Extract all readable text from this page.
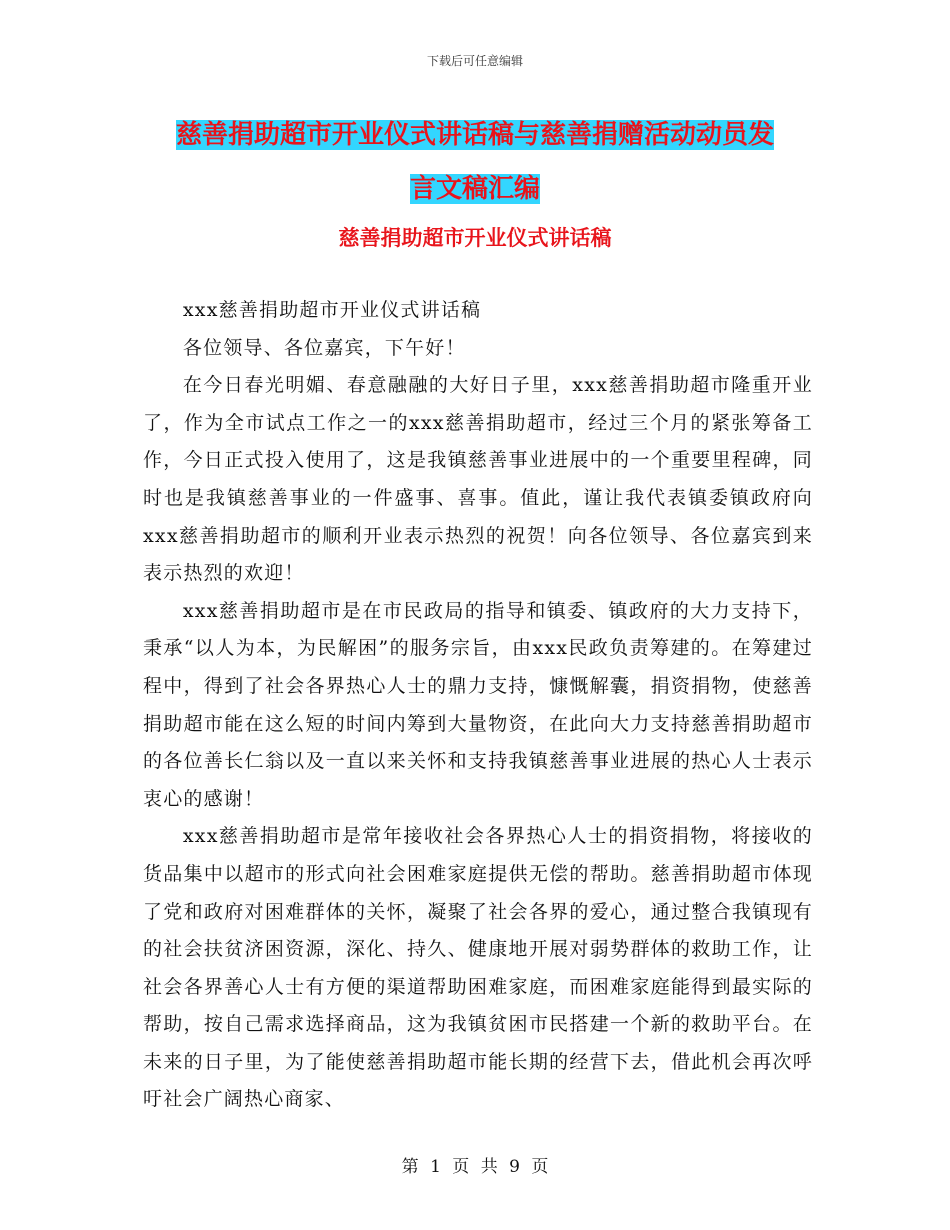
下载后可任意编辑
慈善捐助超市开业仪式讲话稿与慈善捐赠活动动员发
言文稿汇编
慈善捐助超市开业仪式讲话稿

xxx慈善捐助超市开业仪式讲话稿

各位领导、各位嘉宾，下午好！

在今日春光明媚、春意融融的大好日子里，xxx慈善捐助超市隆重开业了，作为全市试点工作之一的xxx慈善捐助超市，经过三个月的紧张筹备工作，今日正式投入使用了，这是我镇慈善事业进展中的一个重要里程碑，同时也是我镇慈善事业的一件盛事、喜事。值此，谨让我代表镇委镇政府向xxx慈善捐助超市的顺利开业表示热烈的祝贺！向各位领导、各位嘉宾到来表示热烈的欢迎！

xxx慈善捐助超市是在市民政局的指导和镇委、镇政府的大力支持下，秉承“以人为本，为民解困”的服务宗旨，由xxx民政负责筹建的。在筹建过程中，得到了社会各界热心人士的鼎力支持，慷慨解囊，捐资捐物，使慈善捐助超市能在这么短的时间内筹到大量物资，在此向大力支持慈善捐助超市的各位善长仁翁以及一直以来关怀和支持我镇慈善事业进展的热心人士表示衷心的感谢！

xxx慈善捐助超市是常年接收社会各界热心人士的捐资捐物，将接收的货品集中以超市的形式向社会困难家庭提供无偿的帮助。慈善捐助超市体现了党和政府对困难群体的关怀，凝聚了社会各界的爱心，通过整合我镇现有的社会扶贫济困资源，深化、持久、健康地开展对弱势群体的救助工作，让社会各界善心人士有方便的渠道帮助困难家庭，而困难家庭能得到最实际的帮助，按自己需求选择商品，这为我镇贫困市民搭建一个新的救助平台。在未来的日子里，为了能使慈善捐助超市能长期的经营下去，借此机会再次呼吁社会广阔热心商家、

第 1 页 共 9 页
